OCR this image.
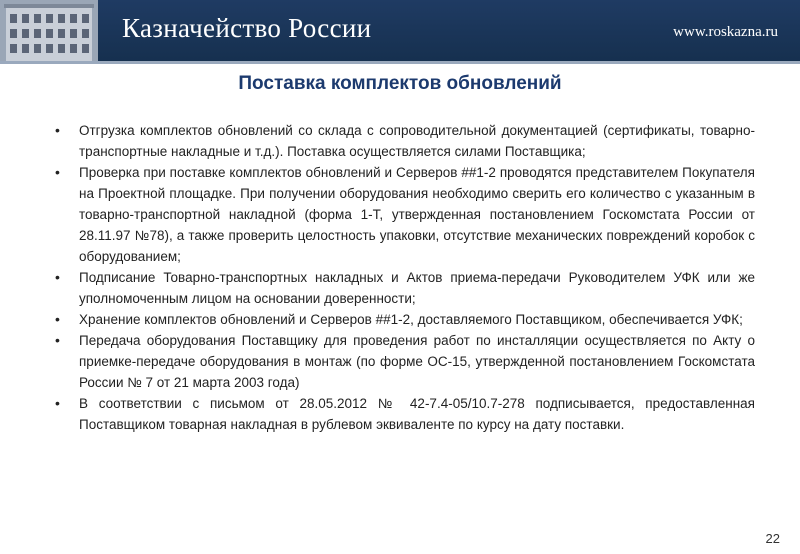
Казначейство России	www.roskazna.ru
Поставка комплектов обновлений
• Отгрузка комплектов обновлений со склада с сопроводительной документацией (сертификаты, товарно-транспортные накладные и т.д.). Поставка осуществляется силами Поставщика;
• Проверка при поставке комплектов обновлений и Серверов ##1-2 проводятся представителем Покупателя на Проектной площадке. При получении оборудования необходимо сверить его количество с указанным в товарно-транспортной накладной (форма 1-Т, утвержденная постановлением Госкомстата России от 28.11.97 №78), а также проверить целостность упаковки, отсутствие механических повреждений коробок с оборудованием;
• Подписание Товарно-транспортных накладных и Актов приема-передачи Руководителем УФК или же уполномоченным лицом на основании доверенности;
• Хранение комплектов обновлений и Серверов ##1-2, доставляемого Поставщиком, обеспечивается УФК;
• Передача оборудования Поставщику для проведения работ по инсталляции осуществляется по Акту о приемке-передаче оборудования в монтаж (по форме ОС-15, утвержденной постановлением Госкомстата России № 7 от 21 марта 2003 года)
• В соответствии с письмом от 28.05.2012 № 42-7.4-05/10.7-278 подписывается, предоставленная Поставщиком товарная накладная в рублевом эквиваленте по курсу на дату поставки.
22
